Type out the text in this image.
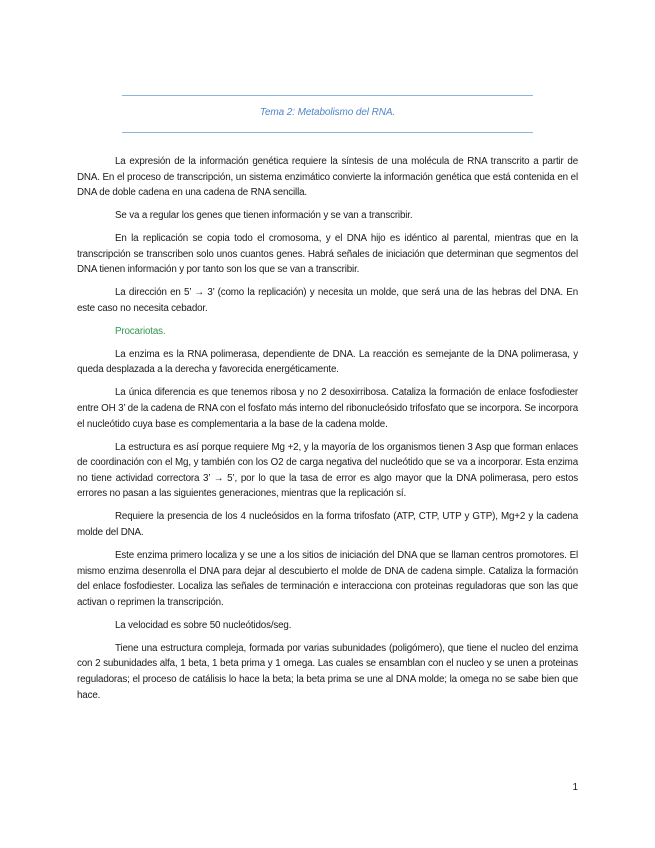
Tema 2: Metabolismo del RNA.

La expresión de la información genética requiere la síntesis de una molécula de RNA transcrito a partir de DNA. En el proceso de transcripción, un sistema enzimático convierte la información genética que está contenida en el DNA de doble cadena en una cadena de RNA sencilla.

Se va a regular los genes que tienen información y se van a transcribir.

En la replicación se copia todo el cromosoma, y el DNA hijo es idéntico al parental, mientras que en la transcripción se transcriben solo unos cuantos genes. Habrá señales de iniciación que determinan que segmentos del DNA tienen información y por tanto son los que se van a transcribir.

La dirección en 5’ → 3’ (como la replicación) y necesita un molde, que será una de las hebras del DNA. En este caso no necesita cebador.

Procariotas.

La enzima es la RNA polimerasa, dependiente de DNA. La reacción es semejante de la DNA polimerasa, y queda desplazada a la derecha y favorecida energéticamente.

La única diferencia es que tenemos ribosa y no 2 desoxirribosa. Cataliza la formación de enlace fosfodiester entre OH 3’ de la cadena de RNA con el fosfato más interno del ribonucleósido trifosfato que se incorpora. Se incorpora el nucleótido cuya base es complementaria a la base de la cadena molde.

La estructura es así porque requiere Mg +2, y la mayoría de los organismos tienen 3 Asp que forman enlaces de coordinación con el Mg, y también con los O2 de carga negativa del nucleótido que se va a incorporar. Esta enzima no tiene actividad correctora 3’ → 5’, por lo que la tasa de error es algo mayor que la DNA polimerasa, pero estos errores no pasan a las siguientes generaciones, mientras que la replicación sí.

Requiere la presencia de los 4 nucleósidos en la forma trifosfato (ATP, CTP, UTP y GTP), Mg+2 y la cadena molde del DNA.

Este enzima primero localiza y se une a los sitios de iniciación del DNA que se llaman centros promotores. El mismo enzima desenrolla el DNA para dejar al descubierto el molde de DNA de cadena simple. Cataliza la formación del enlace fosfodiester. Localiza las señales de terminación e interacciona con proteinas reguladoras que son las que activan o reprimen la transcripción.

La velocidad es sobre 50 nucleótidos/seg.

Tiene una estructura compleja, formada por varias subunidades (poligómero), que tiene el nucleo del enzima con 2 subunidades alfa, 1 beta, 1 beta prima y 1 omega. Las cuales se ensamblan con el nucleo y se unen a proteinas reguladoras; el proceso de catálisis lo hace la beta; la beta prima se une al DNA molde; la omega no se sabe bien que hace.

1
